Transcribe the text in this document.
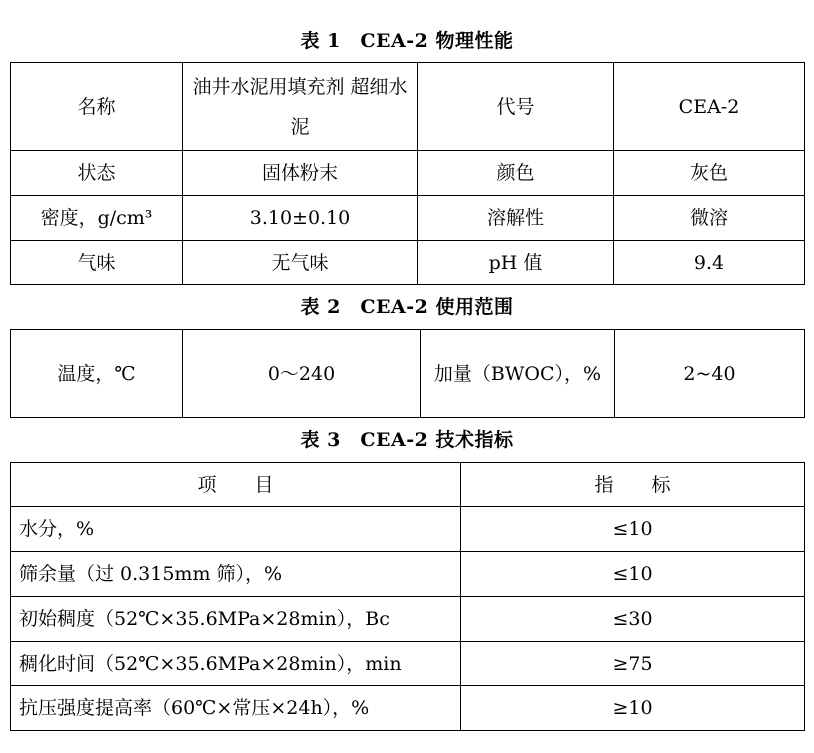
表 1　CEA-2 物理性能
名称	油井水泥用填充剂 超细水泥	代号	CEA-2
状态	固体粉末	颜色	灰色
密度，g/cm³	3.10±0.10	溶解性	微溶
气味	无气味	pH 值	9.4
表 2　CEA-2 使用范围
温度，℃	0～240	加量（BWOC），%	2~40
表 3　CEA-2 技术指标
项　　目	指　　标
水分，%	≤10
筛余量（过 0.315mm 筛），%	≤10
初始稠度（52℃×35.6MPa×28min），Bc	≤30
稠化时间（52℃×35.6MPa×28min），min	≥75
抗压强度提高率（60℃×常压×24h），%	≥10
